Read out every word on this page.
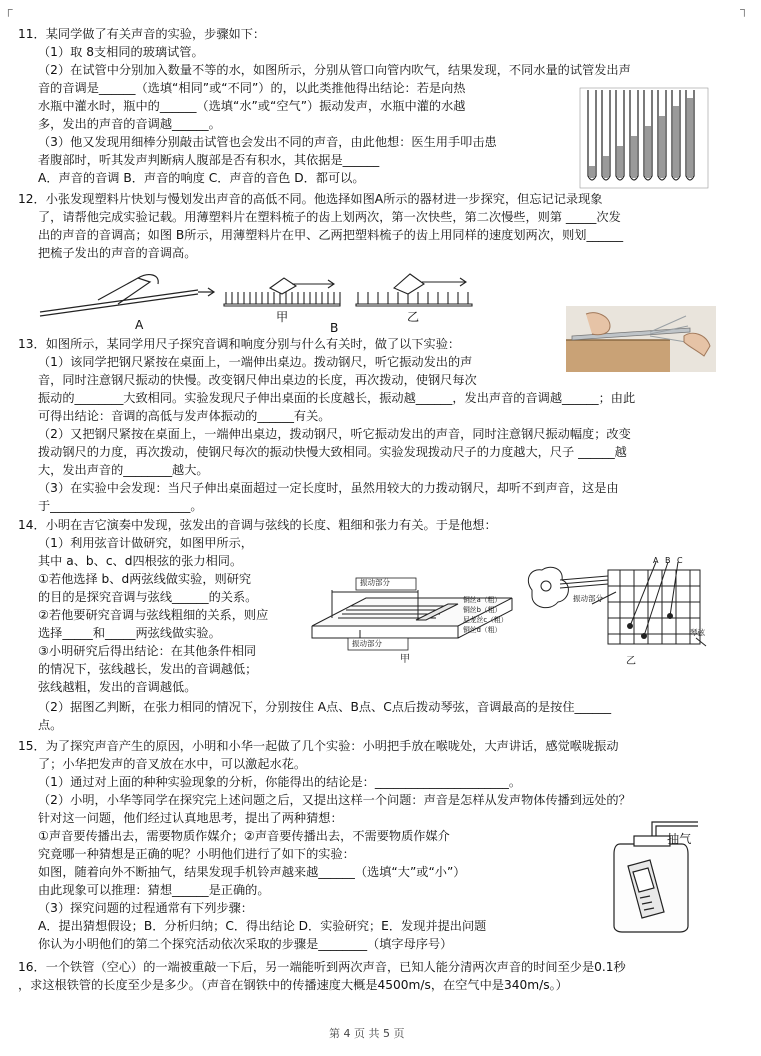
┌	┐
11．某同学做了有关声音的实验，步骤如下：
（1）取 8支相同的玻璃试管。
（2）在试管中分别加入数量不等的水，如图所示，分别从管口向管内吹气，结果发现，不同水量的试管发出声
音的音调是______（选填“相同”或“不同”）的，以此类推他得出结论：若是向热
水瓶中灌水时，瓶中的______（选填“水”或“空气”）振动发声，水瓶中灌的水越
多，发出的声音的音调越______。
（3）他又发现用细棒分别敲击试管也会发出不同的声音，由此他想：医生用手叩击患
者腹部时，听其发声判断病人腹部是否有积水，其依据是______
A．声音的音调 B．声音的响度 C．声音的音色 D．都可以。
12．小张发现塑料片快划与慢划发出声音的高低不同。他选择如图A所示的器材进一步探究，但忘记记录现象
了，请帮他完成实验记载。用薄塑料片在塑料梳子的齿上划两次，第一次快些，第二次慢些，则第 _____次发
出的声音的音调高；如图 B所示，用薄塑料片在甲、乙两把塑料梳子的齿上用同样的速度划两次，则划______
把梳子发出的声音的音调高。
A
甲
B
乙
13．如图所示，某同学用尺子探究音调和响度分别与什么有关时，做了以下实验：
（1）该同学把钢尺紧按在桌面上，一端伸出桌边。拨动钢尺，听它振动发出的声
音，同时注意钢尺振动的快慢。改变钢尺伸出桌边的长度，再次拨动，使钢尺每次
振动的________大致相同。实验发现尺子伸出桌面的长度越长，振动越______，发出声音的音调越______；由此
可得出结论：音调的高低与发声体振动的______有关。
（2）又把钢尺紧按在桌面上，一端伸出桌边，拨动钢尺，听它振动发出的声音，同时注意钢尺振动幅度；改变
拨动钢尺的力度，再次拨动，使钢尺每次的振动快慢大致相同。实验发现拨动尺子的力度越大，尺子 ______越
大，发出声音的________越大。
（3）在实验中会发现：当尺子伸出桌面超过一定长度时，虽然用较大的力拨动钢尺，却听不到声音，这是由
于_______________________。
14．小明在吉它演奏中发现，弦发出的音调与弦线的长度、粗细和张力有关。于是他想：
（1）利用弦音计做研究，如图甲所示，
其中 a、b、c、d四根弦的张力相同。
①若他选择 b、d两弦线做实验，则研究
的目的是探究音调与弦线______的关系。
②若他要研究音调与弦线粗细的关系，则应
选择_____和_____两弦线做实验。
③小明研究后得出结论：在其他条件相同
的情况下，弦线越长，发出的音调越低；
弦线越粗，发出的音调越低。
（2）据图乙判断，在张力相同的情况下，分别按住 A点、B点、C点后拨动琴弦，音调最高的是按住______
点。
振动部分
振动部分
铜丝a（粗）
铜丝b（粗）
尼龙丝c（粗）
铜丝d（粗）
甲
A B C
振动部分
琴弦
乙
15．为了探究声音产生的原因，小明和小华一起做了几个实验：小明把手放在喉咙处，大声讲话，感觉喉咙振动
了；小华把发声的音叉放在水中，可以激起水花。
（1）通过对上面的种种实验现象的分析，你能得出的结论是：______________________。
（2）小明，小华等同学在探究完上述问题之后，又提出这样一个问题：声音是怎样从发声物体传播到远处的？
针对这一问题，他们经过认真地思考，提出了两种猜想：
①声音要传播出去，需要物质作媒介；②声音要传播出去，不需要物质作媒介
究竟哪一种猜想是正确的呢？小明他们进行了如下的实验：
如图，随着向外不断抽气，结果发现手机铃声越来越______（选填“大”或“小”）
由此现象可以推理：猜想______是正确的。
（3）探究问题的过程通常有下列步骤：
A．提出猜想假设；B．分析归纳；C．得出结论 D．实验研究；E．发现并提出问题
你认为小明他们的第二个探究活动依次采取的步骤是________（填字母序号）
抽气
16．一个铁管（空心）的一端被重敲一下后，另一端能听到两次声音，已知人能分清两次声音的时间至少是0.1秒
，求这根铁管的长度至少是多少。（声音在钢铁中的传播速度大概是4500m/s，在空气中是340m/s。）
第 4 页 共 5 页
